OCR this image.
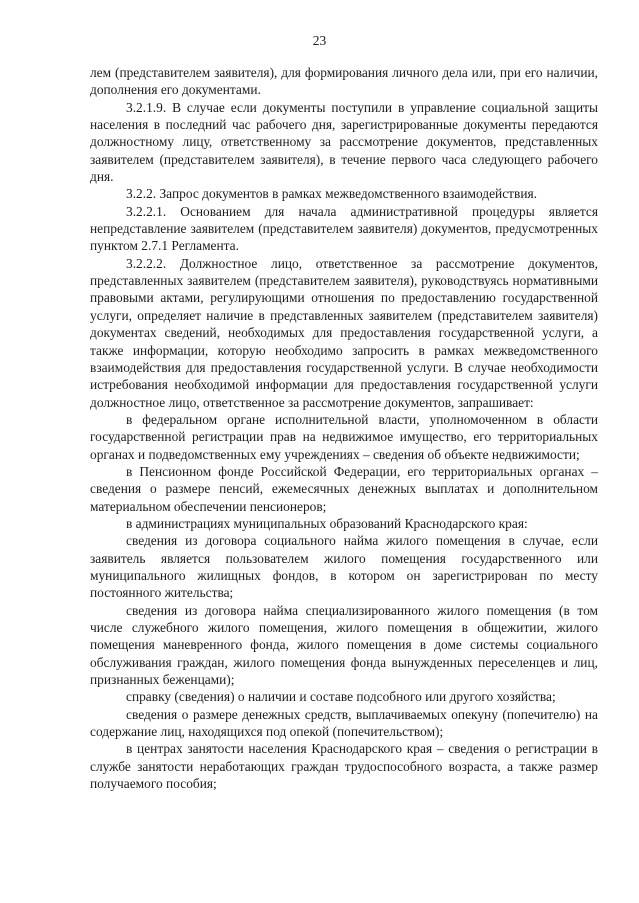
23

лем (представителем заявителя), для формирования личного дела или, при его наличии, дополнения его документами.

3.2.1.9. В случае если документы поступили в управление социальной защиты населения в последний час рабочего дня, зарегистрированные документы передаются должностному лицу, ответственному за рассмотрение документов, представленных заявителем (представителем заявителя), в течение первого часа следующего рабочего дня.

3.2.2. Запрос документов в рамках межведомственного взаимодействия.

3.2.2.1. Основанием для начала административной процедуры является непредставление заявителем (представителем заявителя) документов, предусмотренных пунктом 2.7.1 Регламента.

3.2.2.2. Должностное лицо, ответственное за рассмотрение документов, представленных заявителем (представителем заявителя), руководствуясь нормативными правовыми актами, регулирующими отношения по предоставлению государственной услуги, определяет наличие в представленных заявителем (представителем заявителя) документах сведений, необходимых для предоставления государственной услуги, а также информации, которую необходимо запросить в рамках межведомственного взаимодействия для предоставления государственной услуги. В случае необходимости истребования необходимой информации для предоставления государственной услуги должностное лицо, ответственное за рассмотрение документов, запрашивает:

в федеральном органе исполнительной власти, уполномоченном в области государственной регистрации прав на недвижимое имущество, его территориальных органах и подведомственных ему учреждениях – сведения об объекте недвижимости;

в Пенсионном фонде Российской Федерации, его территориальных органах – сведения о размере пенсий, ежемесячных денежных выплатах и дополнительном материальном обеспечении пенсионеров;

в администрациях муниципальных образований Краснодарского края:

сведения из договора социального найма жилого помещения в случае, если заявитель является пользователем жилого помещения государственного или муниципального жилищных фондов, в котором он зарегистрирован по месту постоянного жительства;

сведения из договора найма специализированного жилого помещения (в том числе служебного жилого помещения, жилого помещения в общежитии, жилого помещения маневренного фонда, жилого помещения в доме системы социального обслуживания граждан, жилого помещения фонда вынужденных переселенцев и лиц, признанных беженцами);

справку (сведения) о наличии и составе подсобного или другого хозяйства;

сведения о размере денежных средств, выплачиваемых опекуну (попечителю) на содержание лиц, находящихся под опекой (попечительством);

в центрах занятости населения Краснодарского края – сведения о регистрации в службе занятости неработающих граждан трудоспособного возраста, а также размер получаемого пособия;
